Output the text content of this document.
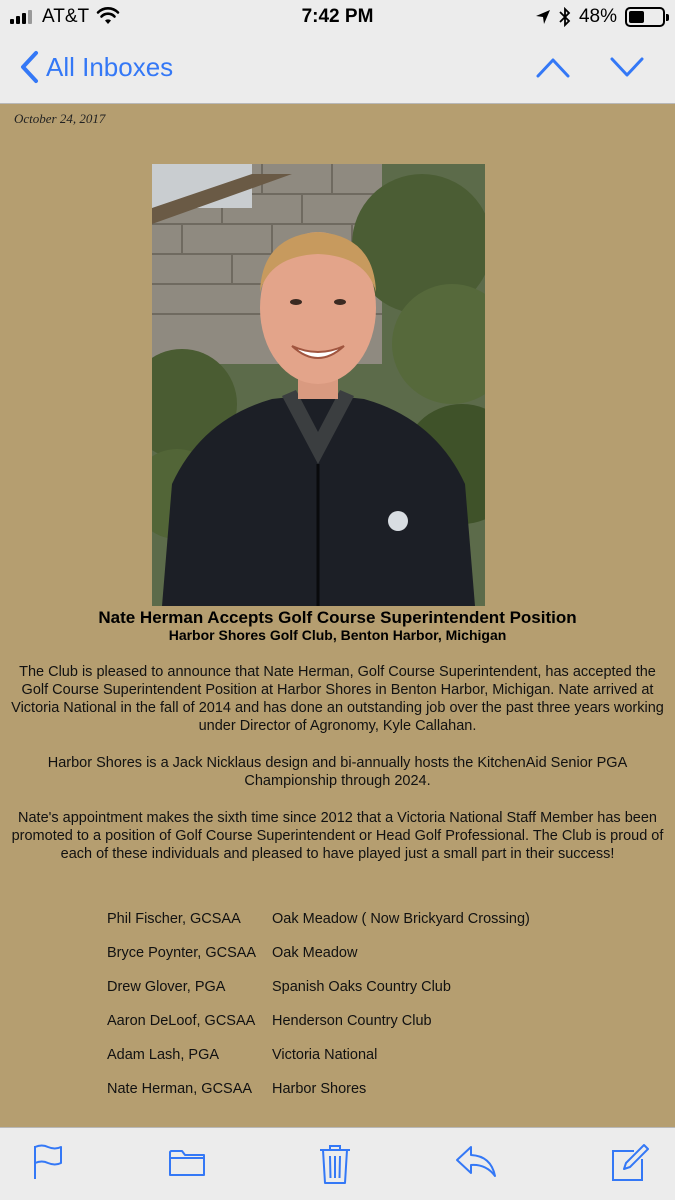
AT&T	7:42 PM	48%
All Inboxes
October 24, 2017
Nate Herman Accepts Golf Course Superintendent Position
Harbor Shores Golf Club, Benton Harbor, Michigan

The Club is pleased to announce that Nate Herman, Golf Course Superintendent, has accepted the Golf Course Superintendent Position at Harbor Shores in Benton Harbor, Michigan. Nate arrived at Victoria National in the fall of 2014 and has done an outstanding job over the past three years working under Director of Agronomy, Kyle Callahan.

Harbor Shores is a Jack Nicklaus design and bi-annually hosts the KitchenAid Senior PGA Championship through 2024.

Nate's appointment makes the sixth time since 2012 that a Victoria National Staff Member has been promoted to a position of Golf Course Superintendent or Head Golf Professional. The Club is proud of each of these individuals and pleased to have played just a small part in their success!

Phil Fischer, GCSAA	Oak Meadow ( Now Brickyard Crossing)
Bryce Poynter, GCSAA	Oak Meadow
Drew Glover, PGA	Spanish Oaks Country Club
Aaron DeLoof, GCSAA	Henderson Country Club
Adam Lash, PGA	Victoria National
Nate Herman, GCSAA	Harbor Shores
